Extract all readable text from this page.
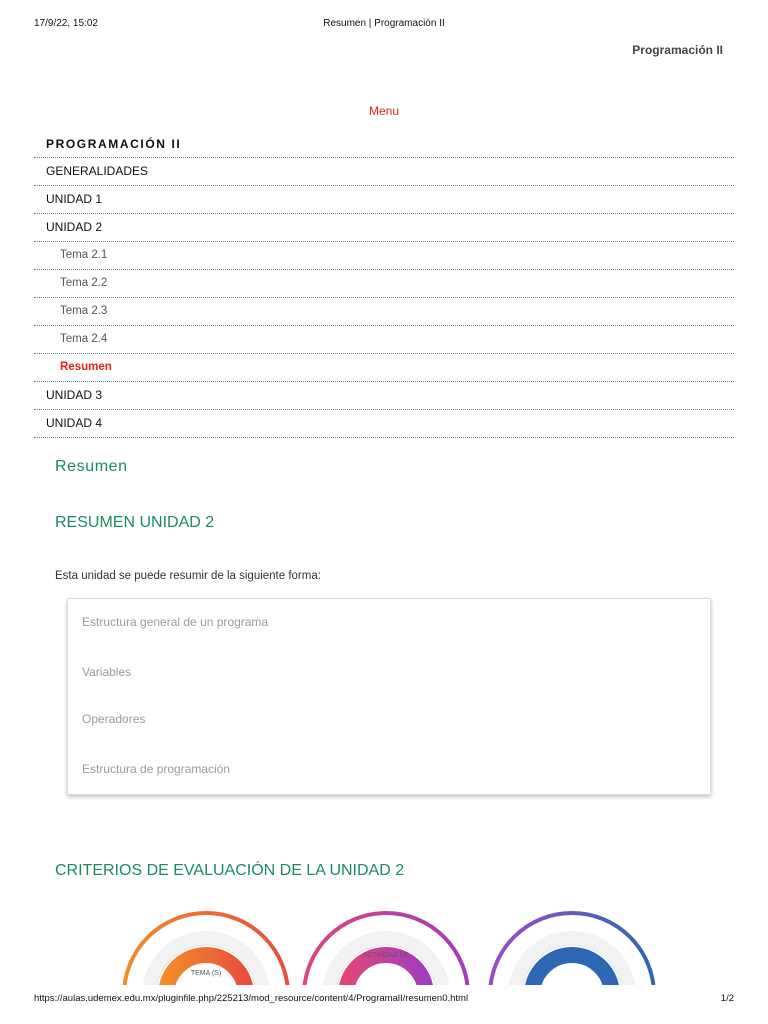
17/9/22, 15:02	Resumen | Programación II
Programación II
Menu
PROGRAMACIÓN II
GENERALIDADES
UNIDAD 1
UNIDAD 2
Tema 2.1
Tema 2.2
Tema 2.3
Tema 2.4
Resumen
UNIDAD 3
UNIDAD 4
Resumen
RESUMEN UNIDAD 2

Esta unidad se puede resumir de la siguiente forma:

Estructura general de un programa
Variables
Operadores
Estructura de programación
CRITERIOS DE EVALUACIÓN DE LA UNIDAD 2
TEMA (S)
ACTIVIDAD DE
https://aulas.udemex.edu.mx/pluginfile.php/225213/mod_resource/content/4/ProgramalI/resumen0.html	1/2
